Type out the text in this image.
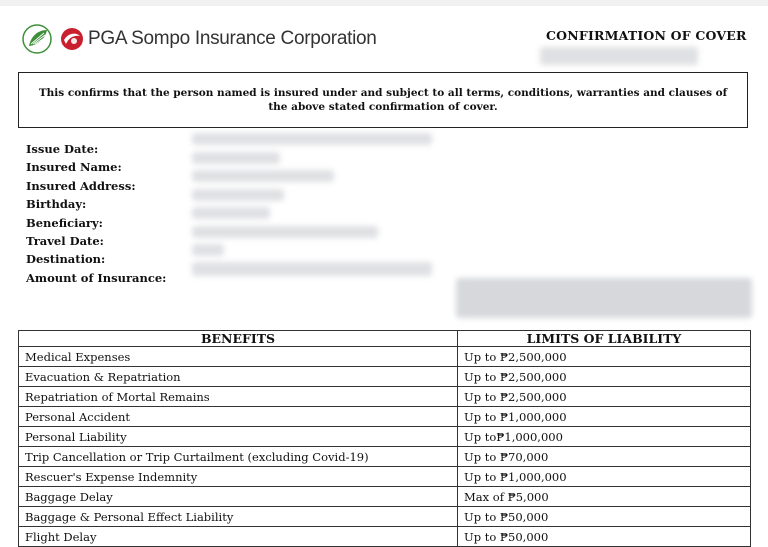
PGA Sompo Insurance Corporation	CONFIRMATION OF COVER
This confirms that the person named is insured under and subject to all terms, conditions, warranties and clauses of the above stated confirmation of cover.
Issue Date:
Insured Name:
Insured Address:
Birthday:
Beneficiary:
Travel Date:
Destination:
Amount of Insurance:
BENEFITS	LIMITS OF LIABILITY
Medical Expenses	Up to ₱2,500,000
Evacuation & Repatriation	Up to ₱2,500,000
Repatriation of Mortal Remains	Up to ₱2,500,000
Personal Accident	Up to ₱1,000,000
Personal Liability	Up to₱1,000,000
Trip Cancellation or Trip Curtailment (excluding Covid-19)	Up to ₱70,000
Rescuer's Expense Indemnity	Up to ₱1,000,000
Baggage Delay	Max of ₱5,000
Baggage & Personal Effect Liability	Up to ₱50,000
Flight Delay	Up to ₱50,000
